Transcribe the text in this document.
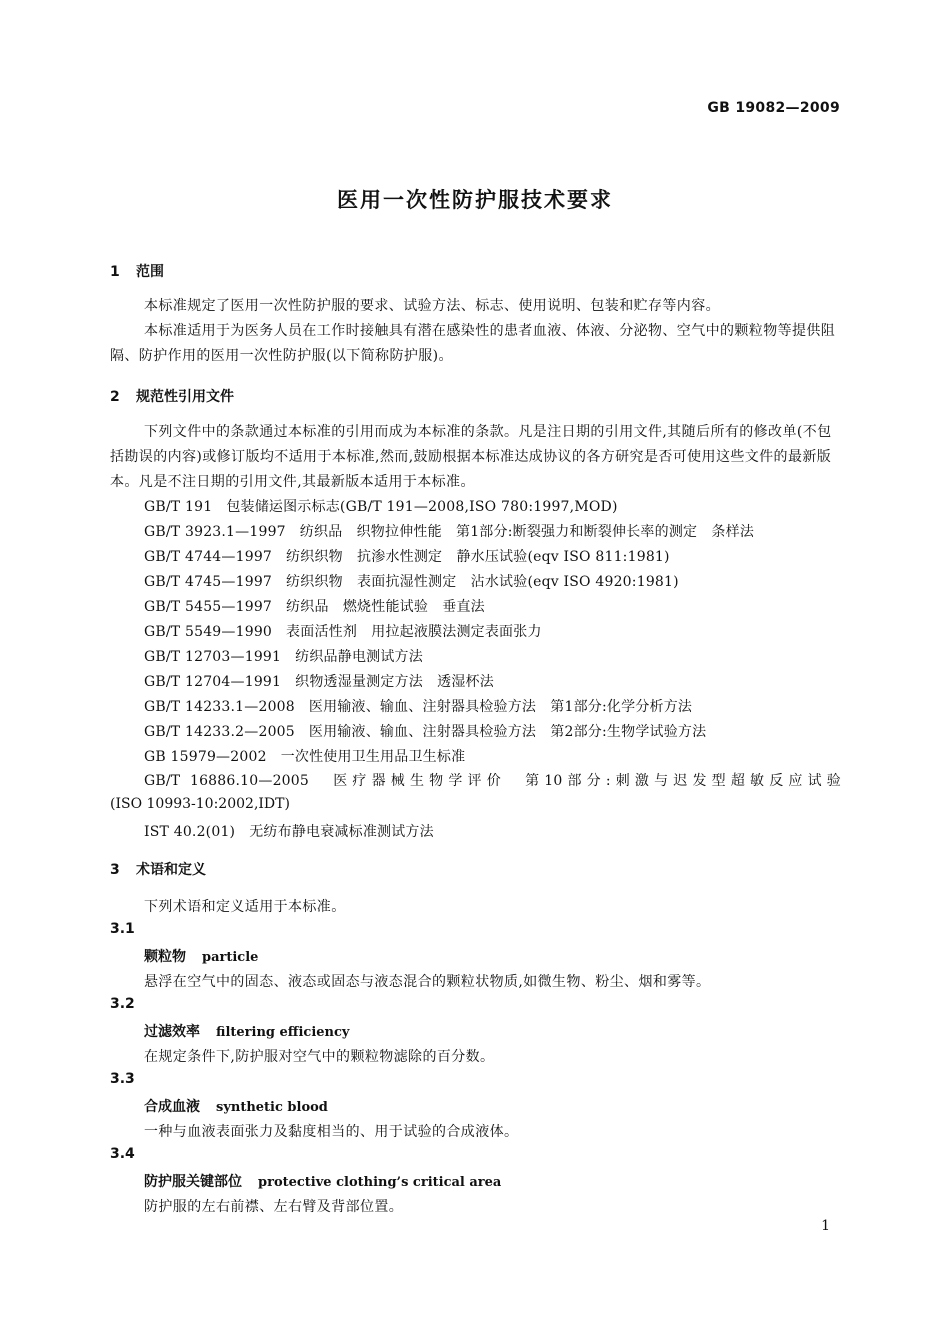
GB 19082—2009
医用一次性防护服技术要求
1 范围
本标准规定了医用一次性防护服的要求、试验方法、标志、使用说明、包装和贮存等内容。
本标准适用于为医务人员在工作时接触具有潜在感染性的患者血液、体液、分泌物、空气中的颗粒物等提供阻隔、防护作用的医用一次性防护服(以下简称防护服)。
2 规范性引用文件
下列文件中的条款通过本标准的引用而成为本标准的条款。凡是注日期的引用文件,其随后所有的修改单(不包括勘误的内容)或修订版均不适用于本标准,然而,鼓励根据本标准达成协议的各方研究是否可使用这些文件的最新版本。凡是不注日期的引用文件,其最新版本适用于本标准。
GB/T 191 包装储运图示标志(GB/T 191—2008,ISO 780:1997,MOD)
GB/T 3923.1—1997 纺织品　织物拉伸性能　第1部分:断裂强力和断裂伸长率的测定　条样法
GB/T 4744—1997 纺织织物　抗渗水性测定　静水压试验(eqv ISO 811:1981)
GB/T 4745—1997 纺织织物　表面抗湿性测定　沾水试验(eqv ISO 4920:1981)
GB/T 5455—1997 纺织品　燃烧性能试验　垂直法
GB/T 5549—1990 表面活性剂　用拉起液膜法测定表面张力
GB/T 12703—1991 纺织品静电测试方法
GB/T 12704—1991 织物透湿量测定方法　透湿杯法
GB/T 14233.1—2008 医用输液、输血、注射器具检验方法　第1部分:化学分析方法
GB/T 14233.2—2005 医用输液、输血、注射器具检验方法　第2部分:生物学试验方法
GB 15979—2002 一次性使用卫生用品卫生标准
GB/T 16886.10—2005　 医疗器械生物学评价　第10部分:刺激与迟发型超敏反应试验
(ISO 10993-10:2002,IDT)
IST 40.2(01) 无纺布静电衰减标准测试方法
3 术语和定义
下列术语和定义适用于本标准。
3.1
颗粒物 particle
悬浮在空气中的固态、液态或固态与液态混合的颗粒状物质,如微生物、粉尘、烟和雾等。
3.2
过滤效率 filtering efficiency
在规定条件下,防护服对空气中的颗粒物滤除的百分数。
3.3
合成血液 synthetic blood
一种与血液表面张力及黏度相当的、用于试验的合成液体。
3.4
防护服关键部位 protective clothing’s critical area
防护服的左右前襟、左右臂及背部位置。
1
